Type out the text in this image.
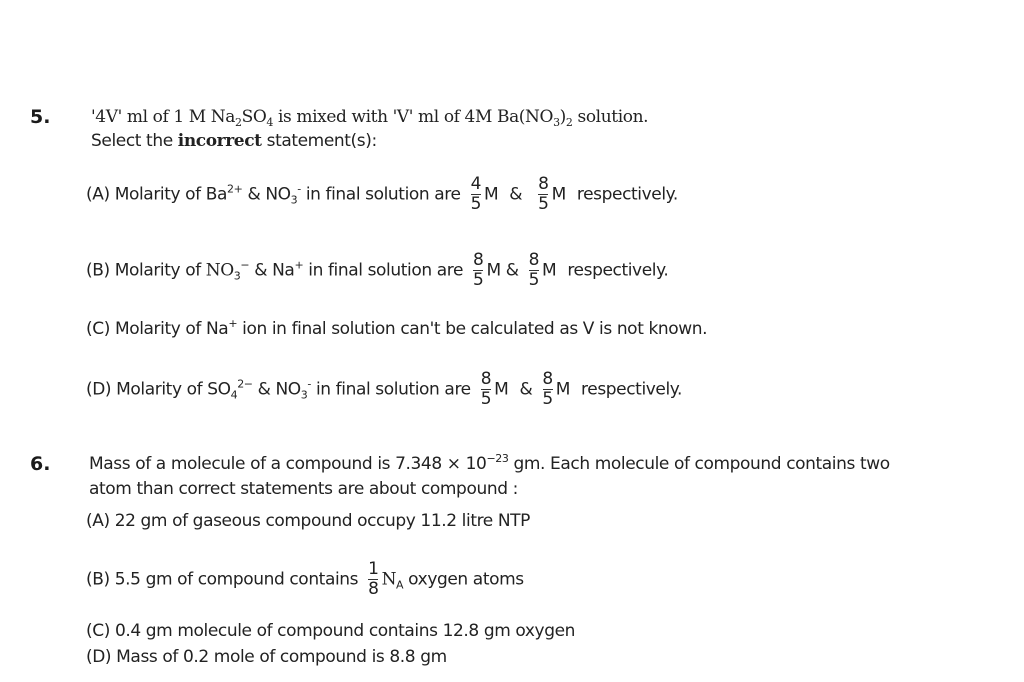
5. '4V' ml of 1 M $Na_2SO_4$ is mixed with 'V' ml of 4M $Ba(NO_3)_2$ solution.
Select the incorrect statement(s):
(A) Molarity of $Ba^{2+}$ & $NO_3^-$ in final solution are $\frac{4}{5}$ M & $\frac{8}{5}$ M respectively.
(B) Molarity of $NO_3^-$ & Na+ in final solution are $\frac{8}{5}$ M & $\frac{8}{5}$ M respectively.
(C) Molarity of Na+ ion in final solution can't be calculated as V is not known.
(D) Molarity of $SO_4^{2-}$ & $NO_3^-$ in final solution are $\frac{8}{5}$ M & $\frac{8}{5}$ M respectively.
6. Mass of a molecule of a compound is $7.348 \times 10^{-23}$ gm. Each molecule of compound contains two
atom than correct statements are about compound :
(A) 22 gm of gaseous compound occupy 11.2 litre NTP
(B) 5.5 gm of compound contains $\frac{1}{8} N_A$ oxygen atoms
(C) 0.4 gm molecule of compound contains 12.8 gm oxygen
(D) Mass of 0.2 mole of compound is 8.8 gm
